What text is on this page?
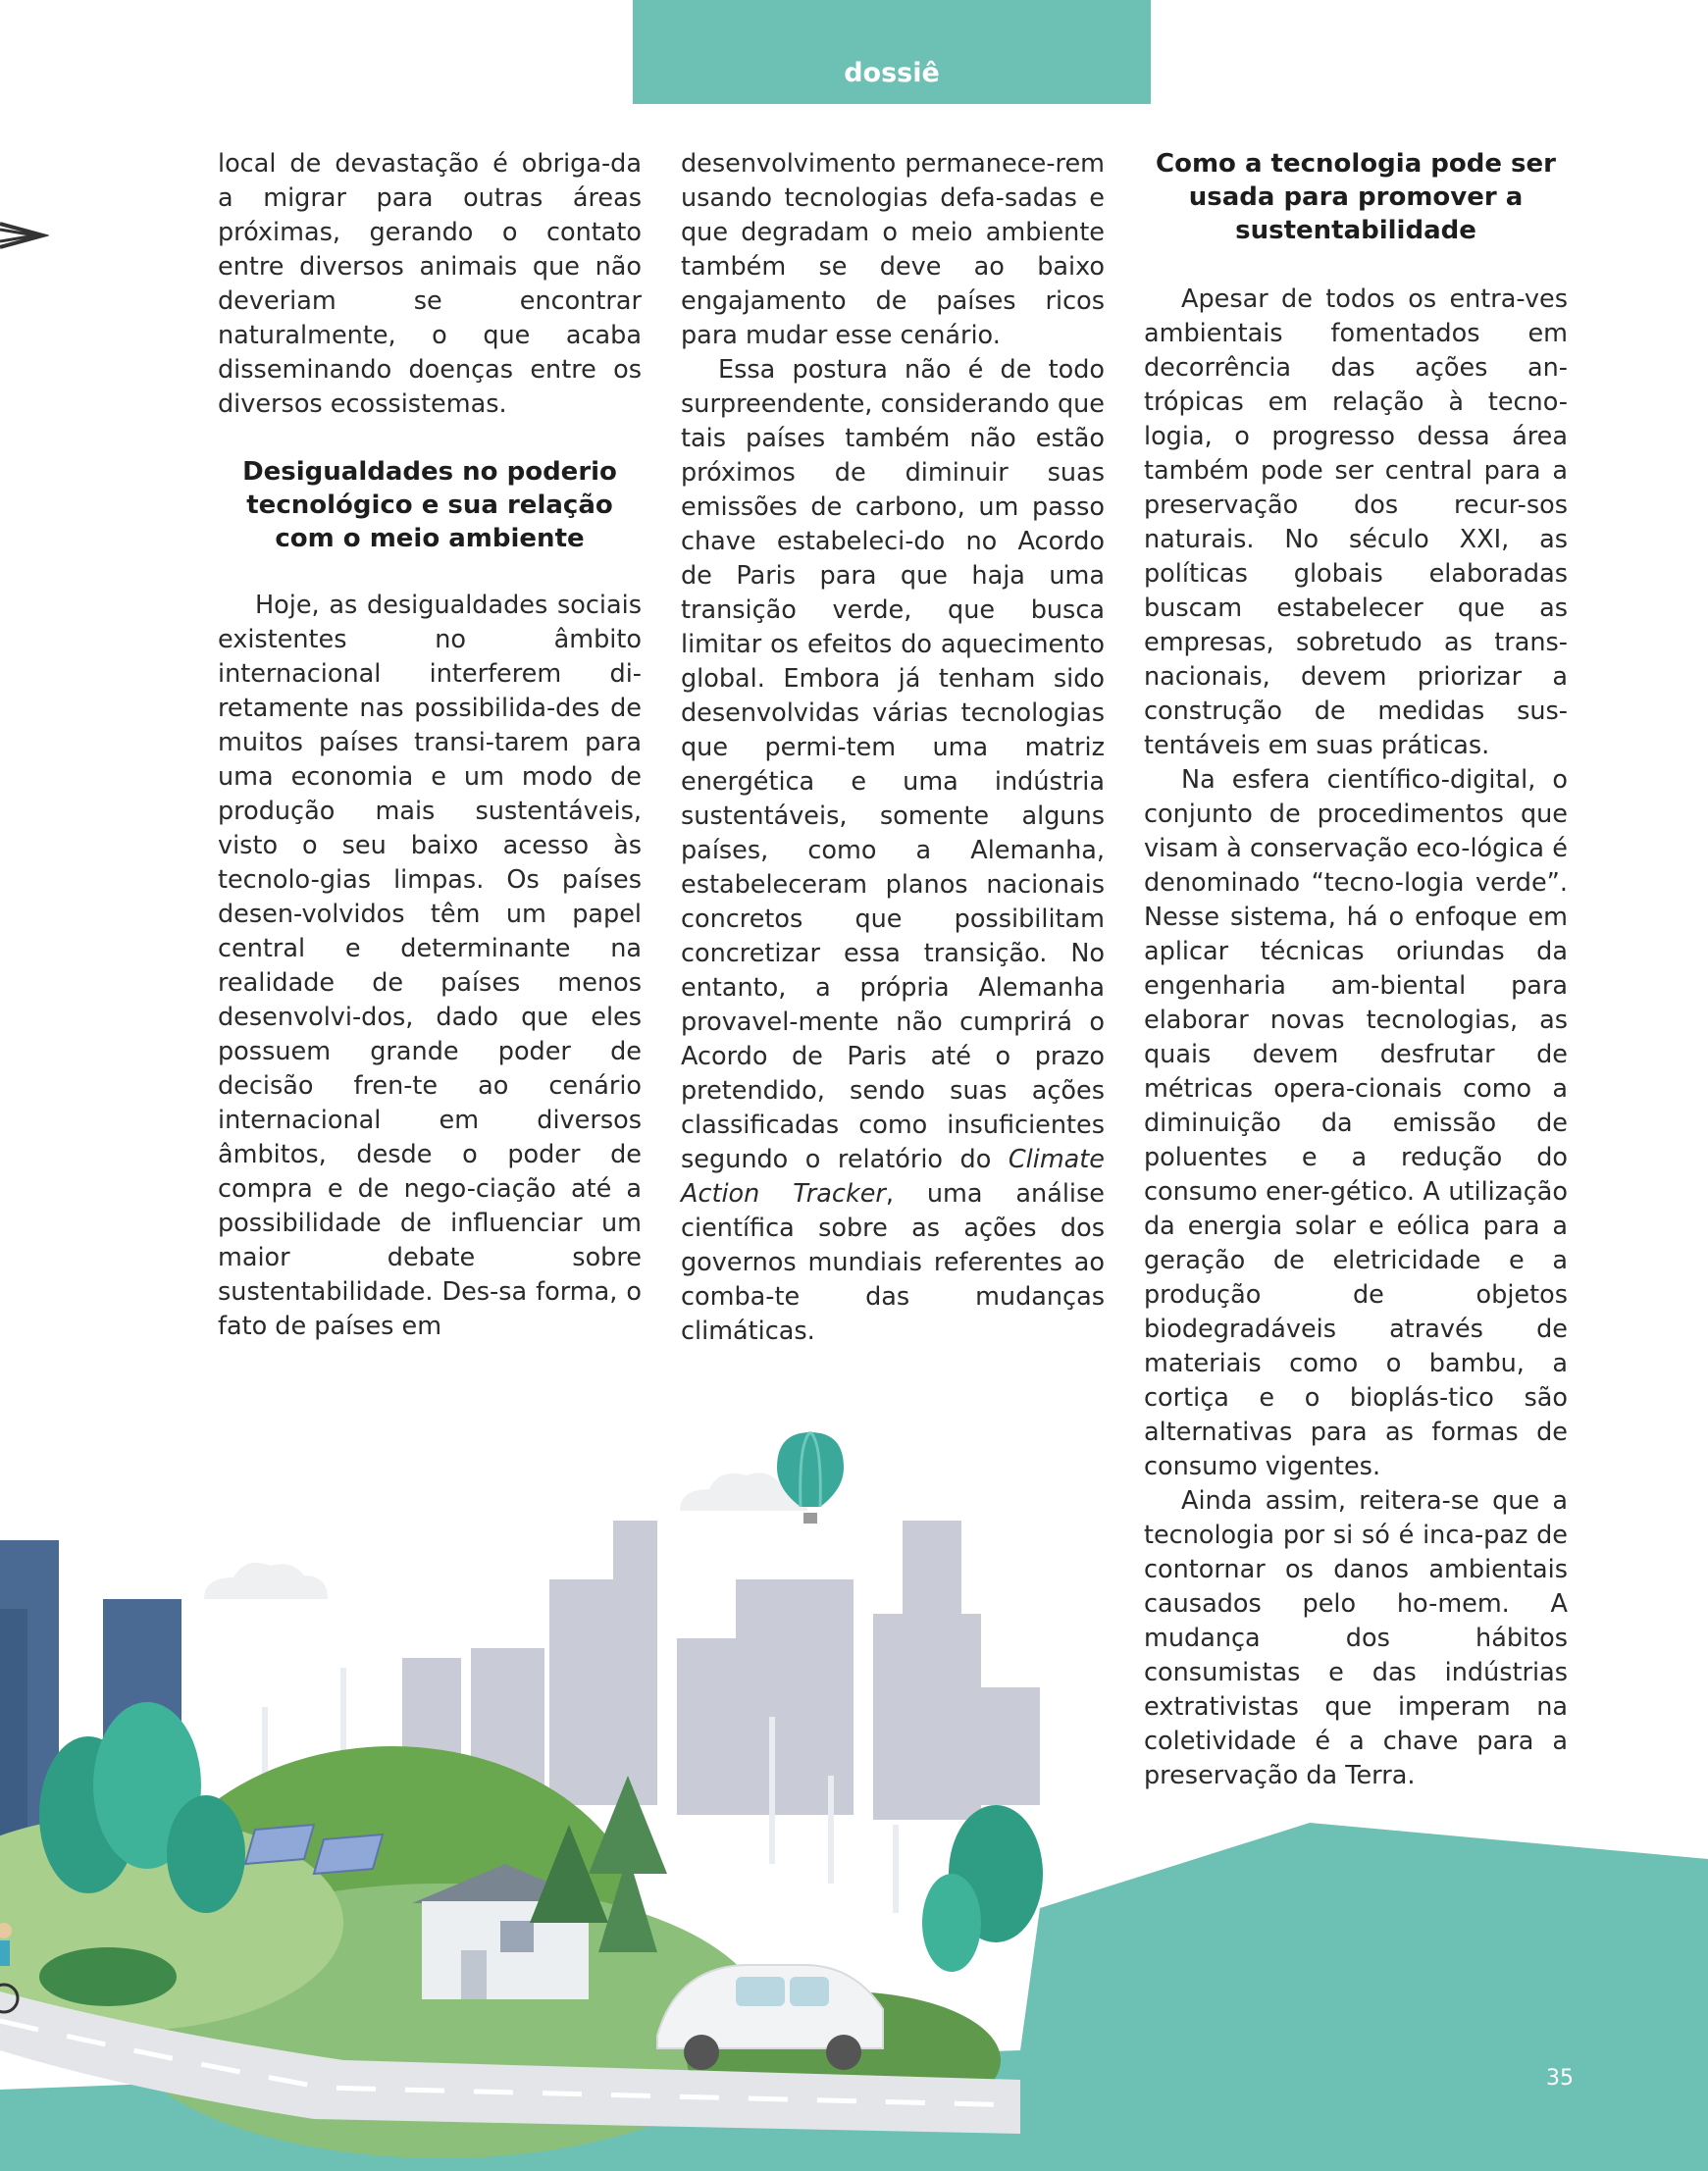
dossiê

local de devastação é obriga-da a migrar para outras áreas próximas, gerando o contato entre diversos animais que não deveriam se encontrar naturalmente, o que acaba disseminando doenças entre os diversos ecossistemas.

Desigualdades no poderio tecnológico e sua relação com o meio ambiente

Hoje, as desigualdades sociais existentes no âmbito internacional interferem di-retamente nas possibilida-des de muitos países transi-tarem para uma economia e um modo de produção mais sustentáveis, visto o seu baixo acesso às tecnolo-gias limpas. Os países desen-volvidos têm um papel central e determinante na realidade de países menos desenvolvi-dos, dado que eles possuem grande poder de decisão fren-te ao cenário internacional em diversos âmbitos, desde o poder de compra e de nego-ciação até a possibilidade de influenciar um maior debate sobre sustentabilidade. Des-sa forma, o fato de países em

desenvolvimento permanece-rem usando tecnologias defa-sadas e que degradam o meio ambiente também se deve ao baixo engajamento de países ricos para mudar esse cenário.

Essa postura não é de todo surpreendente, considerando que tais países também não estão próximos de diminuir suas emissões de carbono, um passo chave estabeleci-do no Acordo de Paris para que haja uma transição verde, que busca limitar os efeitos do aquecimento global. Embora já tenham sido desenvolvidas várias tecnologias que permi-tem uma matriz energética e uma indústria sustentáveis, somente alguns países, como a Alemanha, estabeleceram planos nacionais concretos que possibilitam concretizar essa transição. No entanto, a própria Alemanha provavel-mente não cumprirá o Acordo de Paris até o prazo pretendido, sendo suas ações classificadas como insuficientes segundo o relatório do Climate Action Tracker, uma análise científica sobre as ações dos governos mundiais referentes ao comba-te das mudanças climáticas.

Como a tecnologia pode ser usada para promover a sustentabilidade

Apesar de todos os entra-ves ambientais fomentados em decorrência das ações an-trópicas em relação à tecno-logia, o progresso dessa área também pode ser central para a preservação dos recur-sos naturais. No século XXI, as políticas globais elaboradas buscam estabelecer que as empresas, sobretudo as trans-nacionais, devem priorizar a construção de medidas sus-tentáveis em suas práticas.

Na esfera científico-digital, o conjunto de procedimentos que visam à conservação eco-lógica é denominado “tecno-logia verde”. Nesse sistema, há o enfoque em aplicar técnicas oriundas da engenharia am-biental para elaborar novas tecnologias, as quais devem desfrutar de métricas opera-cionais como a diminuição da emissão de poluentes e a redução do consumo ener-gético. A utilização da energia solar e eólica para a geração de eletricidade e a produção de objetos biodegradáveis através de materiais como o bambu, a cortiça e o bioplás-tico são alternativas para as formas de consumo vigentes.

Ainda assim, reitera-se que a tecnologia por si só é inca-paz de contornar os danos ambientais causados pelo ho-mem. A mudança dos hábitos consumistas e das indústrias extrativistas que imperam na coletividade é a chave para a preservação da Terra.

35
